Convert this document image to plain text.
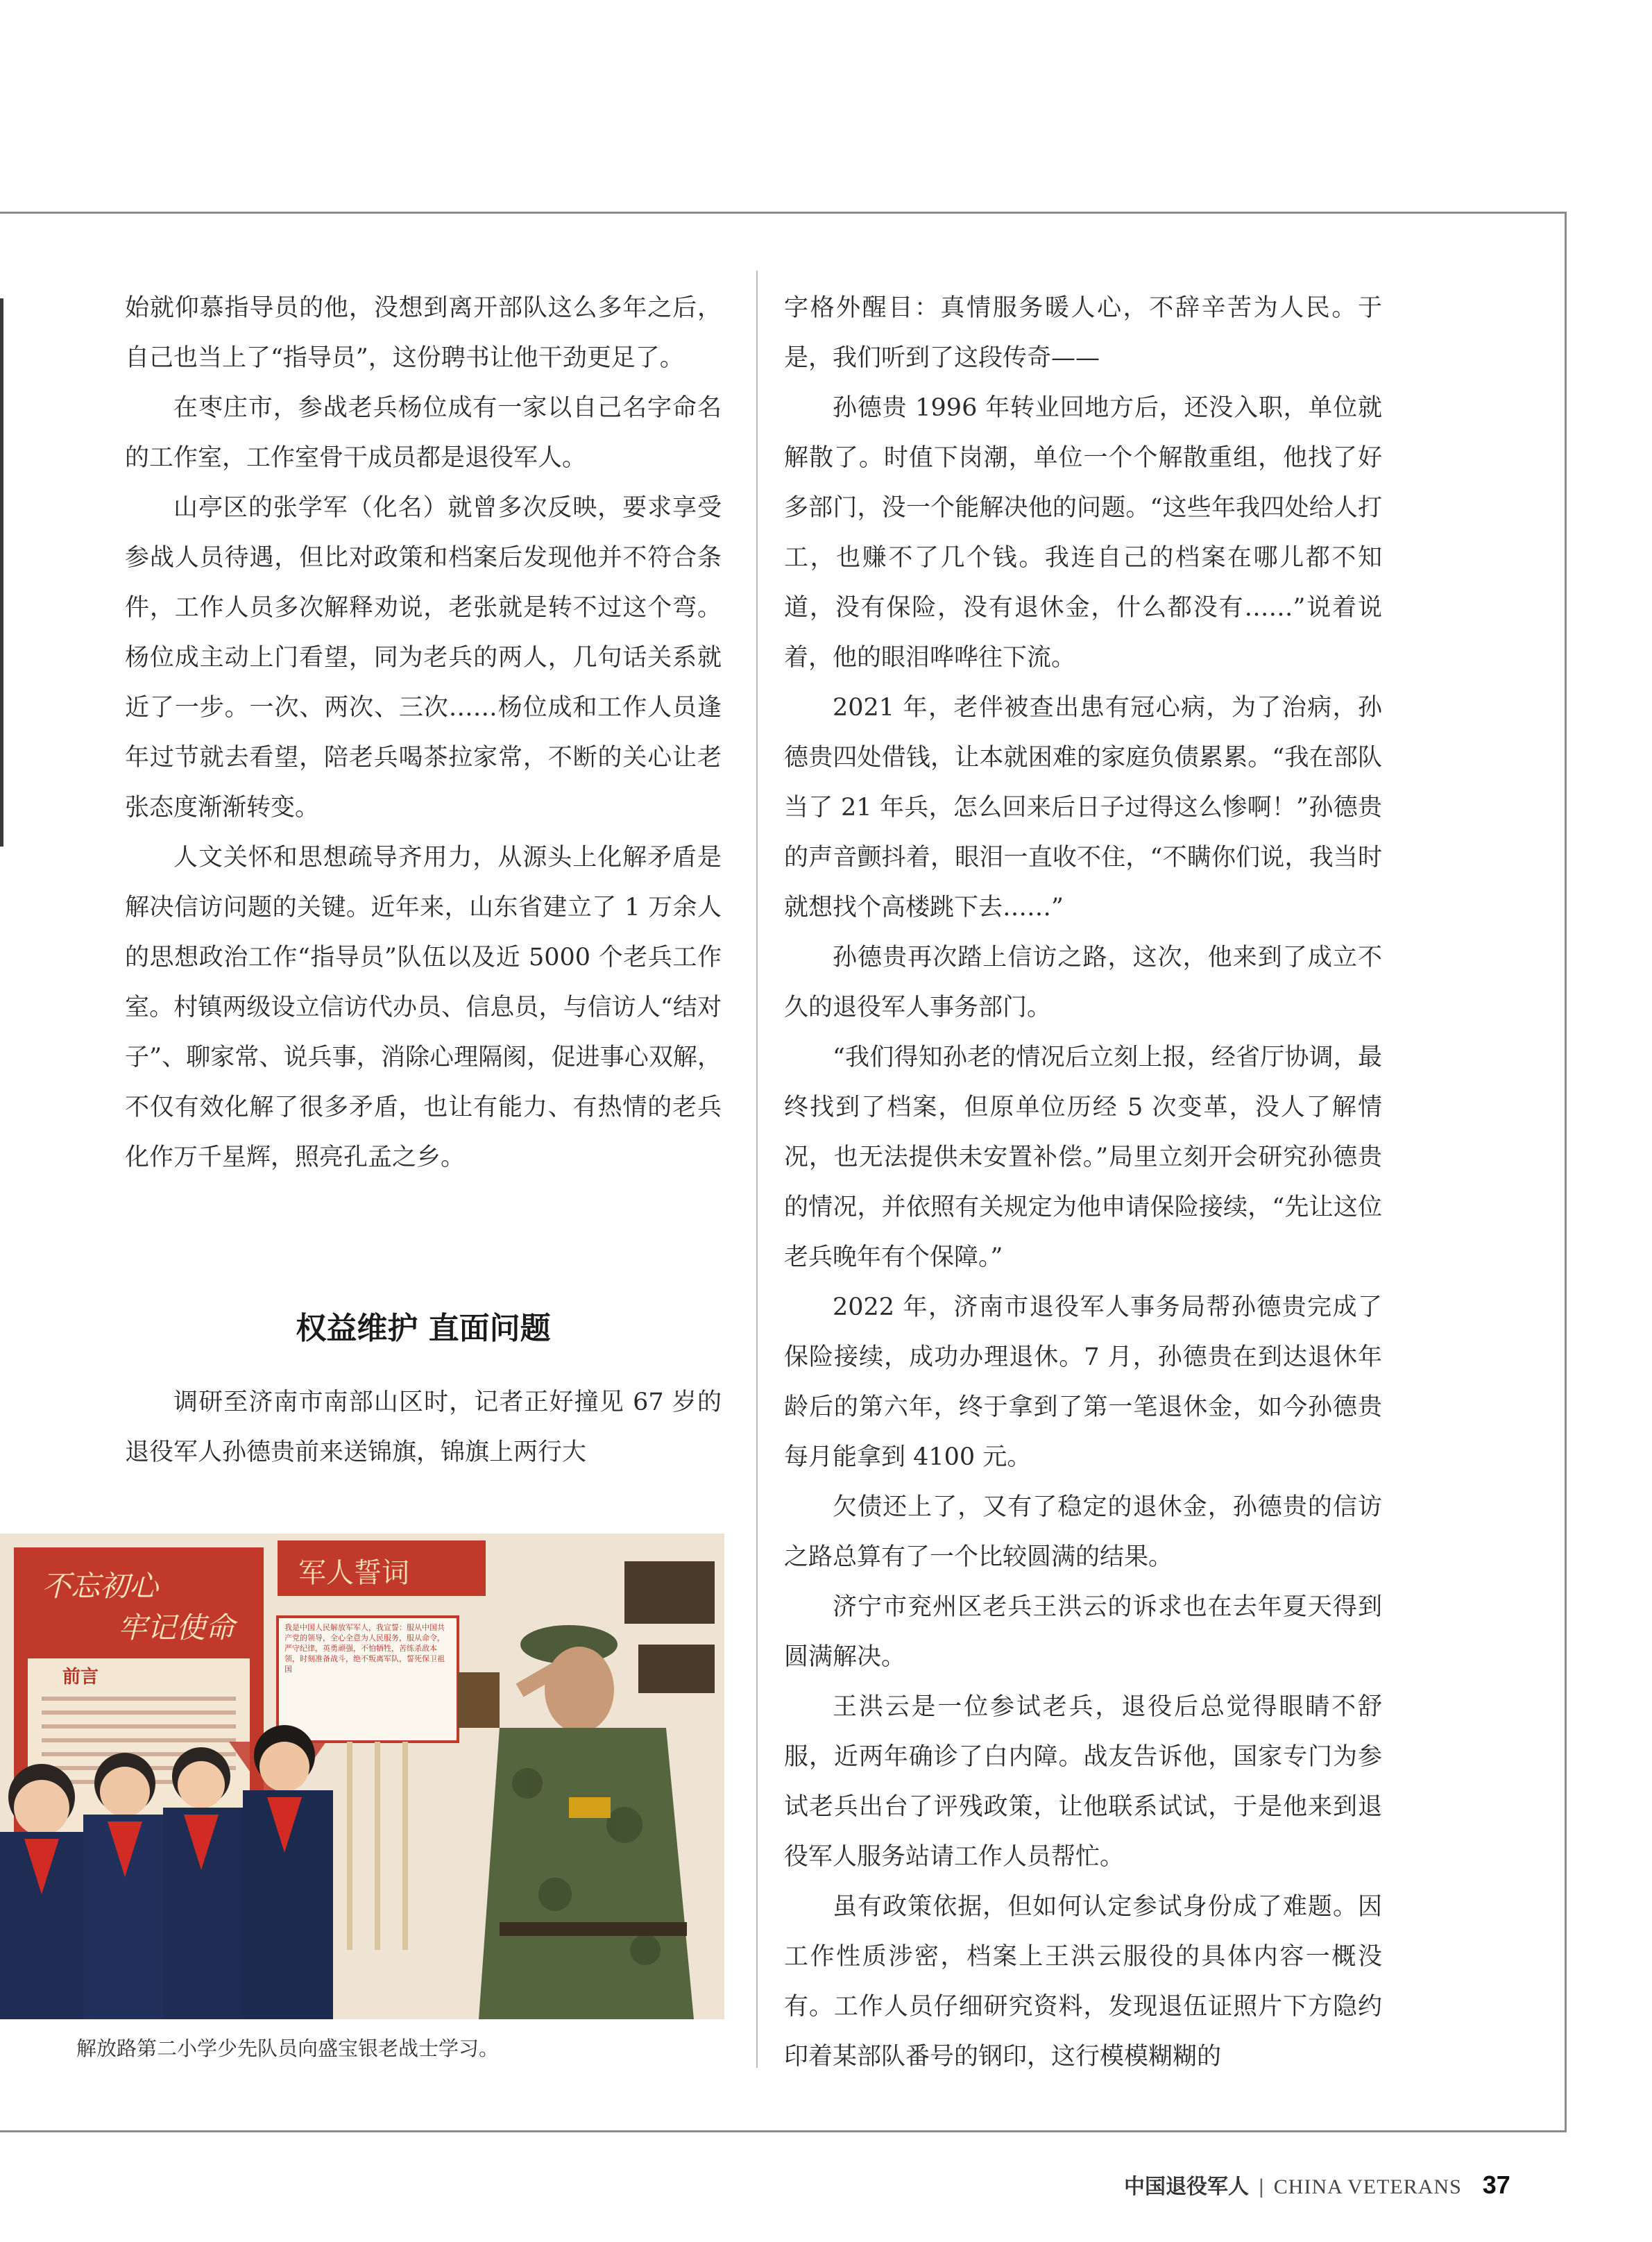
始就仰慕指导员的他，没想到离开部队这么多年之后，自己也当上了“指导员”，这份聘书让他干劲更足了。

在枣庄市，参战老兵杨位成有一家以自己名字命名的工作室，工作室骨干成员都是退役军人。

山亭区的张学军（化名）就曾多次反映，要求享受参战人员待遇，但比对政策和档案后发现他并不符合条件，工作人员多次解释劝说，老张就是转不过这个弯。杨位成主动上门看望，同为老兵的两人，几句话关系就近了一步。一次、两次、三次……杨位成和工作人员逢年过节就去看望，陪老兵喝茶拉家常，不断的关心让老张态度渐渐转变。

人文关怀和思想疏导齐用力，从源头上化解矛盾是解决信访问题的关键。近年来，山东省建立了 1 万余人的思想政治工作“指导员”队伍以及近 5000 个老兵工作室。村镇两级设立信访代办员、信息员，与信访人“结对子”、聊家常、说兵事，消除心理隔阂，促进事心双解，不仅有效化解了很多矛盾，也让有能力、有热情的老兵化作万千星辉，照亮孔孟之乡。

权益维护 直面问题

调研至济南市南部山区时，记者正好撞见 67 岁的退役军人孙德贵前来送锦旗，锦旗上两行大

字格外醒目：真情服务暖人心，不辞辛苦为人民。于是，我们听到了这段传奇——

孙德贵 1996 年转业回地方后，还没入职，单位就解散了。时值下岗潮，单位一个个解散重组，他找了好多部门，没一个能解决他的问题。“这些年我四处给人打工，也赚不了几个钱。我连自己的档案在哪儿都不知道，没有保险，没有退休金，什么都没有……”说着说着，他的眼泪哗哗往下流。

2021 年，老伴被查出患有冠心病，为了治病，孙德贵四处借钱，让本就困难的家庭负债累累。“我在部队当了 21 年兵，怎么回来后日子过得这么惨啊！”孙德贵的声音颤抖着，眼泪一直收不住，“不瞒你们说，我当时就想找个高楼跳下去……”

孙德贵再次踏上信访之路，这次，他来到了成立不久的退役军人事务部门。

“我们得知孙老的情况后立刻上报，经省厅协调，最终找到了档案，但原单位历经 5 次变革，没人了解情况，也无法提供未安置补偿。”局里立刻开会研究孙德贵的情况，并依照有关规定为他申请保险接续，“先让这位老兵晚年有个保障。”

2022 年，济南市退役军人事务局帮孙德贵完成了保险接续，成功办理退休。7 月，孙德贵在到达退休年龄后的第六年，终于拿到了第一笔退休金，如今孙德贵每月能拿到 4100 元。

欠债还上了，又有了稳定的退休金，孙德贵的信访之路总算有了一个比较圆满的结果。

济宁市兖州区老兵王洪云的诉求也在去年夏天得到圆满解决。

王洪云是一位参试老兵，退役后总觉得眼睛不舒服，近两年确诊了白内障。战友告诉他，国家专门为参试老兵出台了评残政策，让他联系试试，于是他来到退役军人服务站请工作人员帮忙。

虽有政策依据，但如何认定参试身份成了难题。因工作性质涉密，档案上王洪云服役的具体内容一概没有。工作人员仔细研究资料，发现退伍证照片下方隐约印着某部队番号的钢印，这行模模糊糊的

不忘初心
牢记使命
前言
军人誓词
我是中国人民解放军军人，我宣誓：服从中国共产党的领导，全心全意为人民服务，服从命令，严守纪律，英勇顽强，不怕牺牲，苦练杀敌本领，时刻准备战斗，绝不叛离军队，誓死保卫祖国
解放路第二小学少先队员向盛宝银老战士学习。
中国退役军人 | CHINA VETERANS 37
